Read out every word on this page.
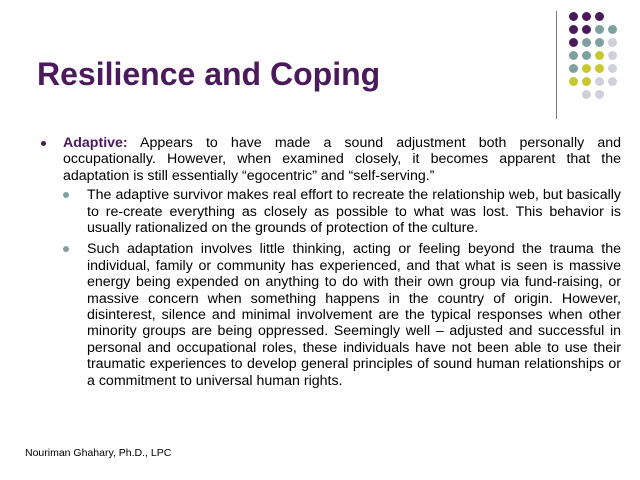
Resilience and Coping

Adaptive: Appears to have made a sound adjustment both personally and occupationally. However, when examined closely, it becomes apparent that the adaptation is still essentially “egocentric” and “self-serving.”

The adaptive survivor makes real effort to recreate the relationship web, but basically to re-create everything as closely as possible to what was lost. This behavior is usually rationalized on the grounds of protection of the culture.

Such adaptation involves little thinking, acting or feeling beyond the trauma the individual, family or community has experienced, and that what is seen is massive energy being expended on anything to do with their own group via fund-raising, or massive concern when something happens in the country of origin. However, disinterest, silence and minimal involvement are the typical responses when other minority groups are being oppressed. Seemingly well – adjusted and successful in personal and occupational roles, these individuals have not been able to use their traumatic experiences to develop general principles of sound human relationships or a commitment to universal human rights.

Nouriman Ghahary, Ph.D., LPC
